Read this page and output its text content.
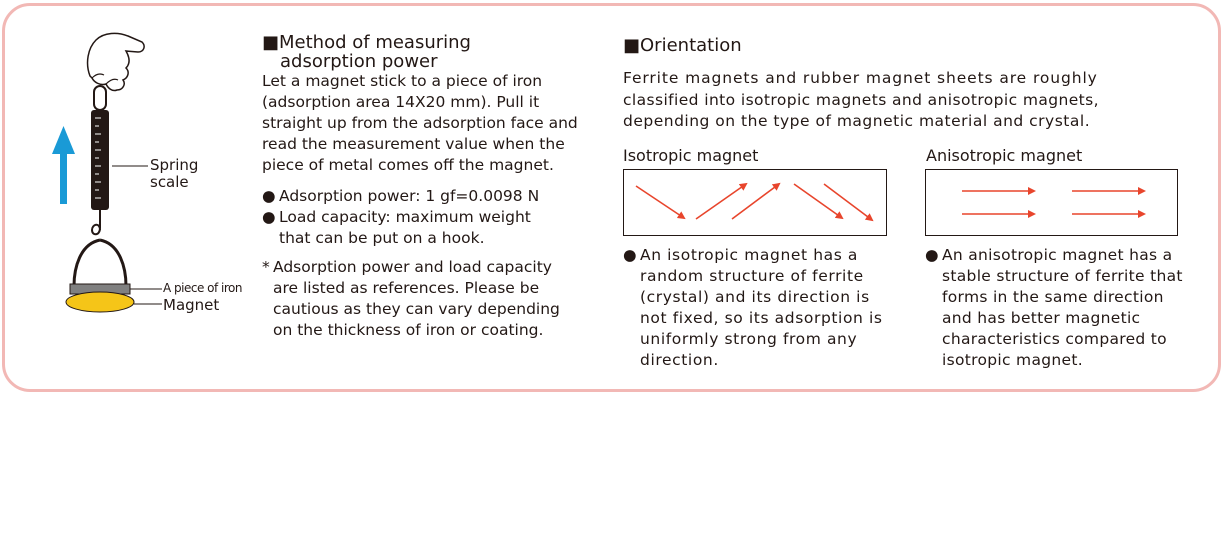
Spring
scale
A piece of iron
Magnet
■Method of measuring
adsorption power
Let a magnet stick to a piece of iron
(adsorption area 14X20 mm). Pull it
straight up from the adsorption face and
read the measurement value when the
piece of metal comes off the magnet.
● Adsorption power: 1 gf=0.0098 N
● Load capacity: maximum weight
that can be put on a hook.
* Adsorption power and load capacity
are listed as references. Please be
cautious as they can vary depending
on the thickness of iron or coating.
■Orientation
Ferrite magnets and rubber magnet sheets are roughly
classified into isotropic magnets and anisotropic magnets,
depending on the type of magnetic material and crystal.
Isotropic magnet
● An isotropic magnet has a
random structure of ferrite
(crystal) and its direction is
not fixed, so its adsorption is
uniformly strong from any
direction.
Anisotropic magnet
● An anisotropic magnet has a
stable structure of ferrite that
forms in the same direction
and has better magnetic
characteristics compared to
isotropic magnet.
